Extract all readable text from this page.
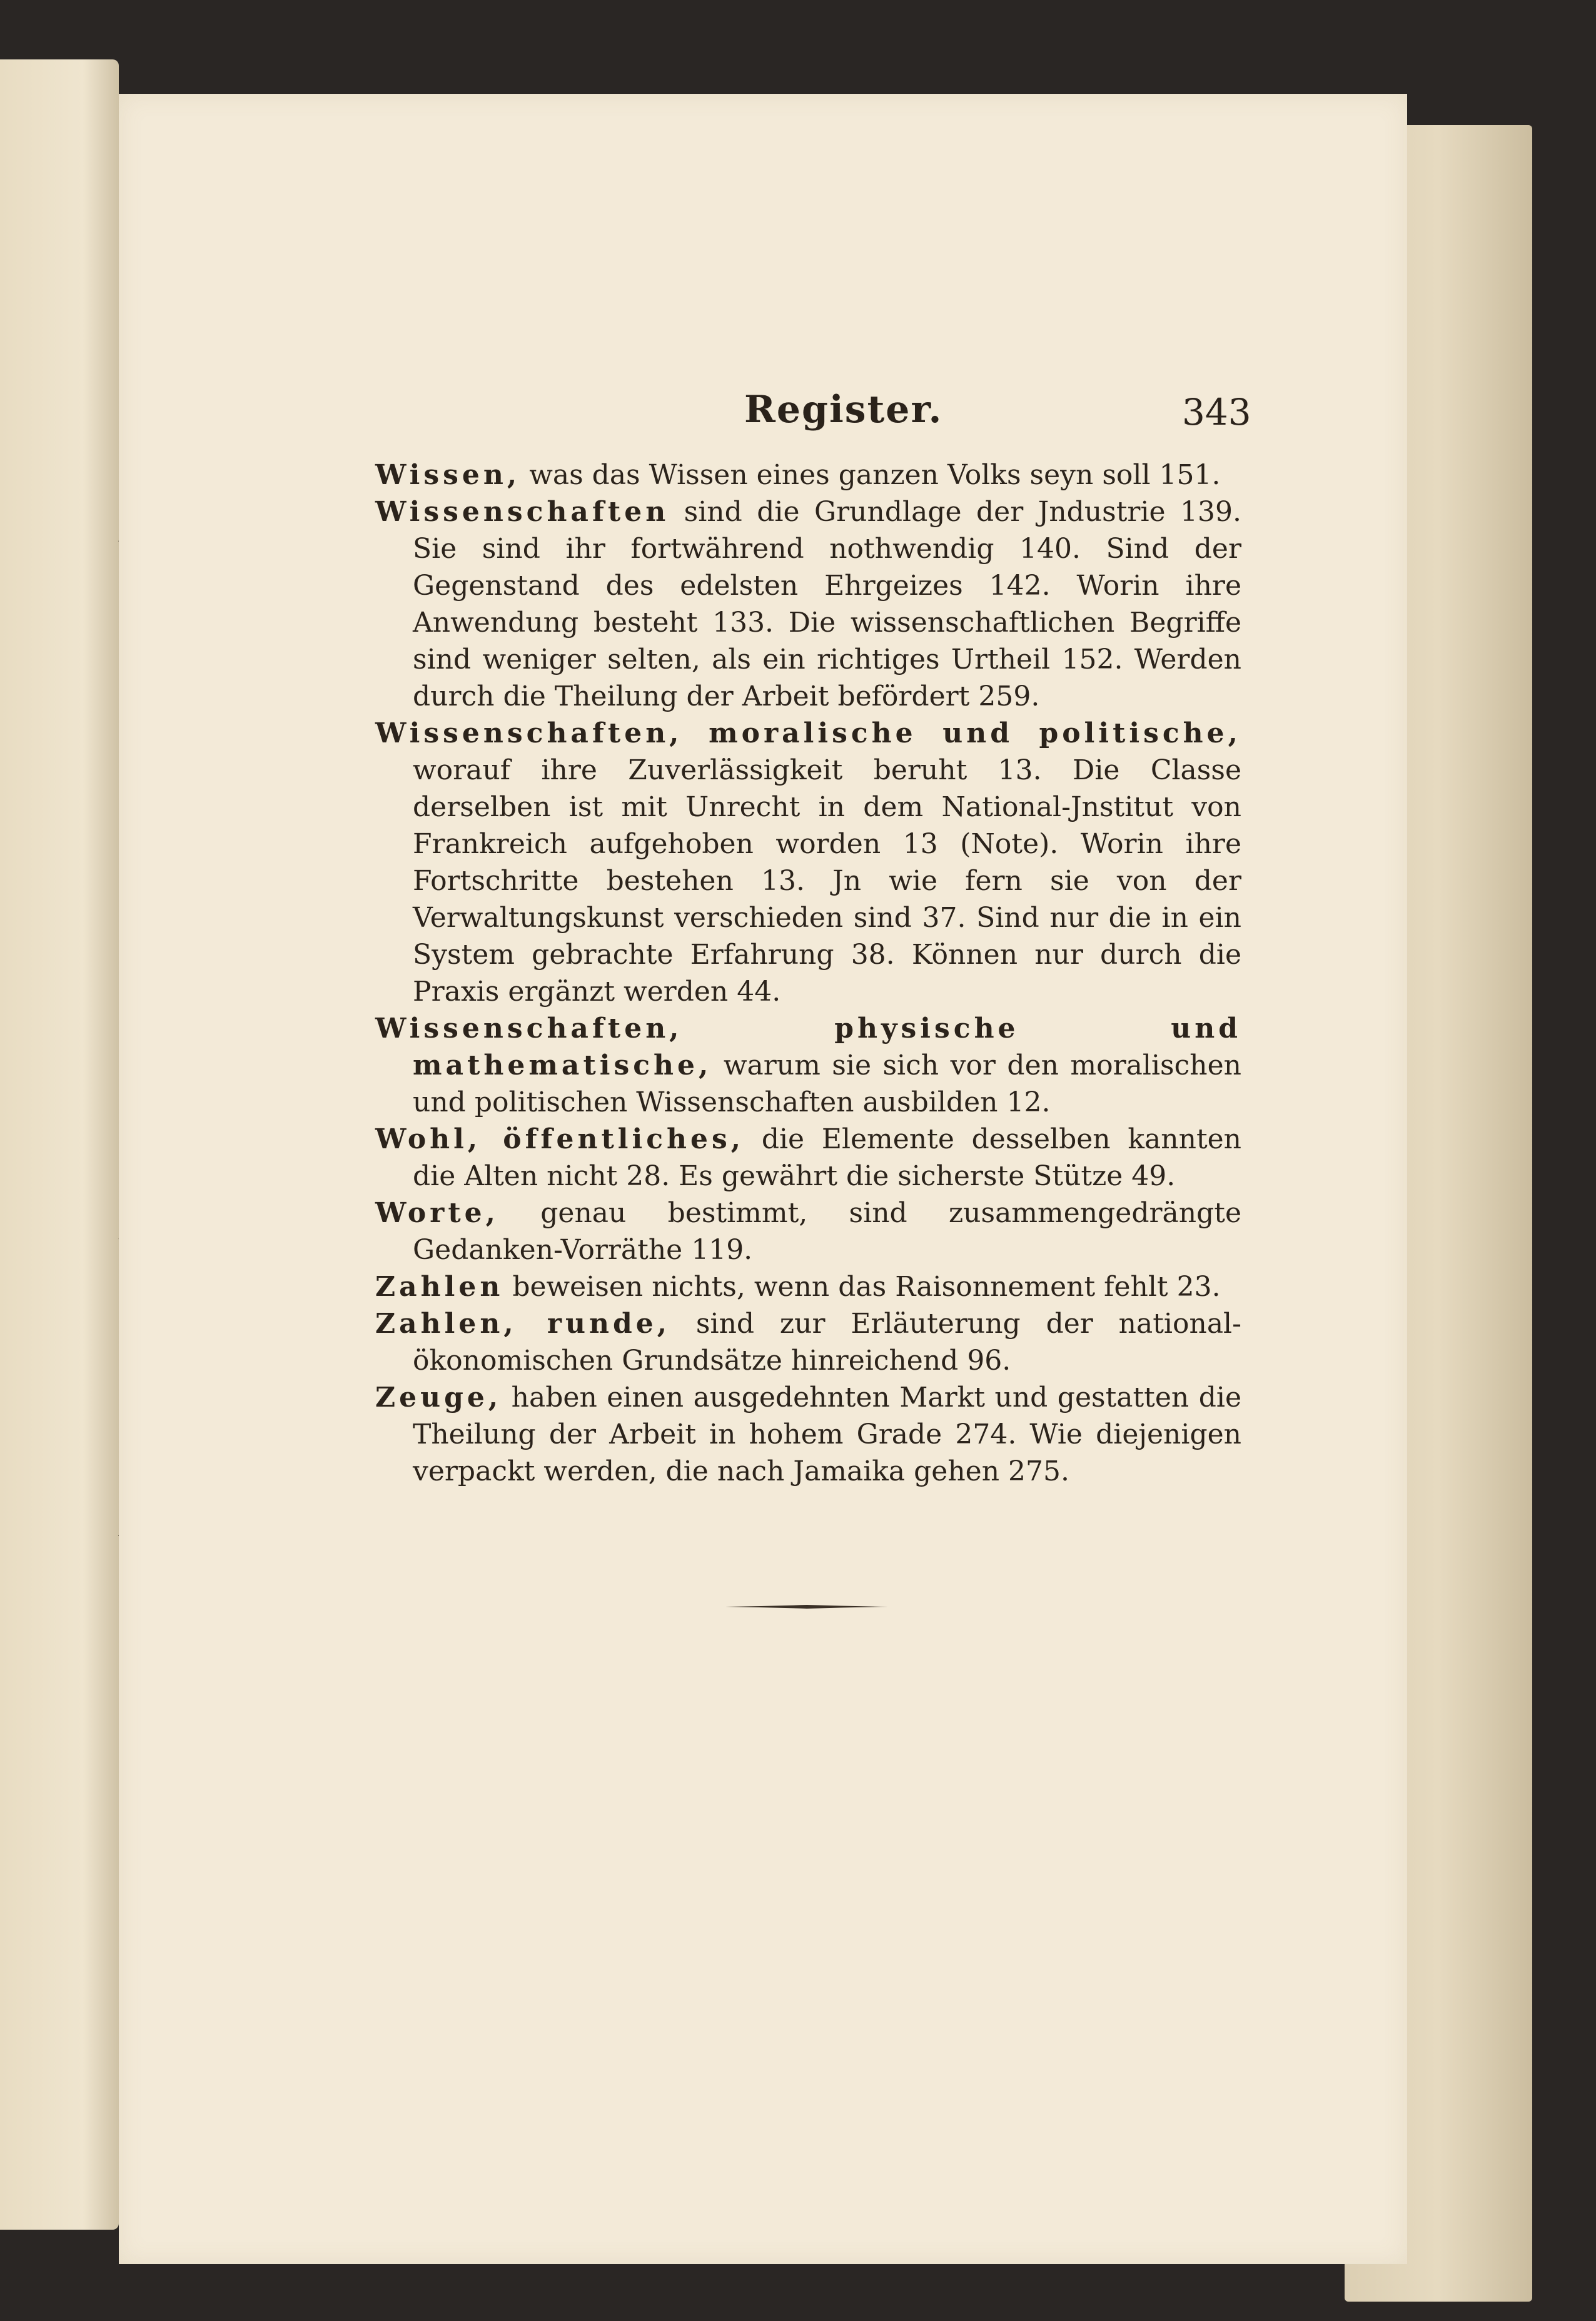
Register.	343

Wissen, was das Wissen eines ganzen Volks seyn soll 151.

Wissenschaften sind die Grundlage der Jndustrie 139. Sie sind ihr fortwährend nothwendig 140. Sind der Gegenstand des edelsten Ehrgeizes 142. Worin ihre Anwendung besteht 133. Die wissenschaftlichen Begriffe sind weniger selten, als ein richtiges Urtheil 152. Werden durch die Theilung der Arbeit befördert 259.

Wissenschaften, moralische und politische, worauf ihre Zuverlässigkeit beruht 13. Die Classe derselben ist mit Unrecht in dem National-Jnstitut von Frankreich aufgehoben worden 13 (Note). Worin ihre Fortschritte bestehen 13. Jn wie fern sie von der Verwaltungskunst verschieden sind 37. Sind nur die in ein System gebrachte Erfahrung 38. Können nur durch die Praxis ergänzt werden 44.

Wissenschaften, physische und mathematische, warum sie sich vor den moralischen und politischen Wissenschaften ausbilden 12.

Wohl, öffentliches, die Elemente desselben kannten die Alten nicht 28. Es gewährt die sicherste Stütze 49.

Worte, genau bestimmt, sind zusammengedrängte Gedanken-Vorräthe 119.

Zahlen beweisen nichts, wenn das Raisonnement fehlt 23.

Zahlen, runde, sind zur Erläuterung der national-ökonomischen Grundsätze hinreichend 96.

Zeuge, haben einen ausgedehnten Markt und gestatten die Theilung der Arbeit in hohem Grade 274. Wie diejenigen verpackt werden, die nach Jamaika gehen 275.
